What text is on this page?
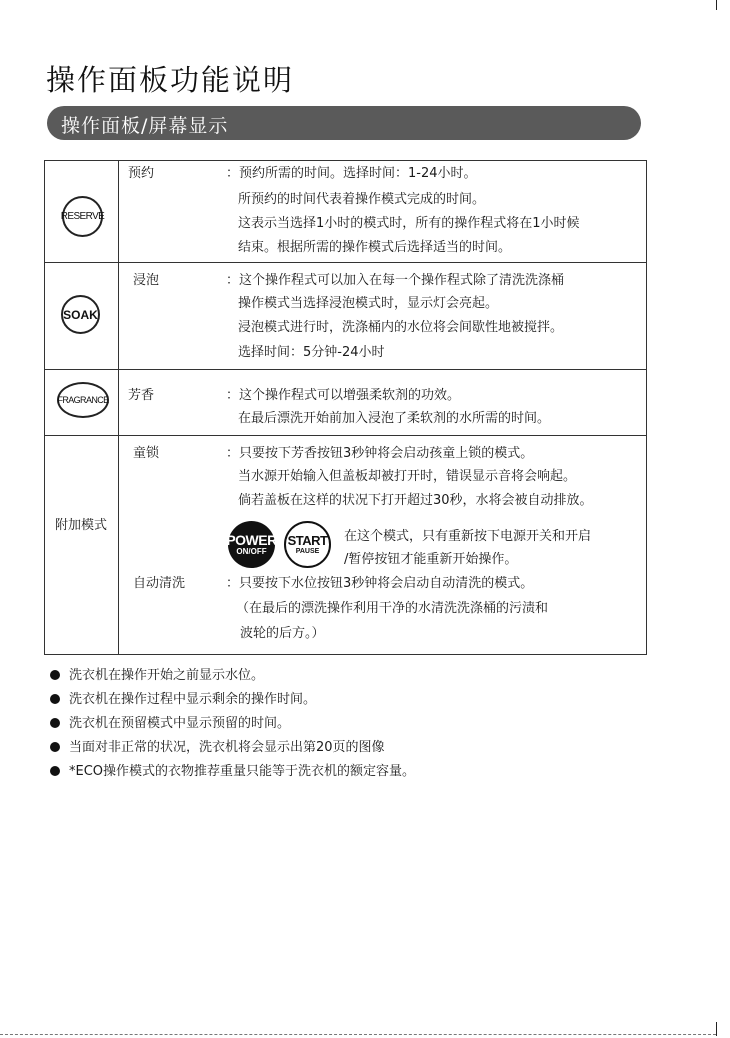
操作面板功能说明
操作面板/屏幕显示
RESERVE
预约	：预约所需的时间。选择时间：1-24小时。
所预约的时间代表着操作模式完成的时间。
这表示当选择1小时的模式时，所有的操作程式将在1小时候
结束。根据所需的操作模式后选择适当的时间。
SOAK
浸泡	：这个操作程式可以加入在每一个操作程式除了清洗洗涤桶
操作模式当选择浸泡模式时，显示灯会亮起。
浸泡模式进行时，洗涤桶内的水位将会间歇性地被搅拌。
选择时间：5分钟-24小时
FRAGRANCE 芳香	：这个操作程式可以增强柔软剂的功效。
在最后漂洗开始前加入浸泡了柔软剂的水所需的时间。
附加模式
童锁	：只要按下芳香按钮3秒钟将会启动孩童上锁的模式。
当水源开始输入但盖板却被打开时，错误显示音将会响起。
倘若盖板在这样的状况下打开超过30秒，水将会被自动排放。
POWER
ON/OFF
START
PAUSE
在这个模式，只有重新按下电源开关和开启
/暂停按钮才能重新开始操作。
自动清洗	：只要按下水位按钮3秒钟将会启动自动清洗的模式。
（在最后的漂洗操作利用干净的水清洗洗涤桶的污渍和
波轮的后方。）
洗衣机在操作开始之前显示水位。
洗衣机在操作过程中显示剩余的操作时间。
洗衣机在预留模式中显示预留的时间。
当面对非正常的状况，洗衣机将会显示出第20页的图像
*ECO操作模式的衣物推荐重量只能等于洗衣机的额定容量。
